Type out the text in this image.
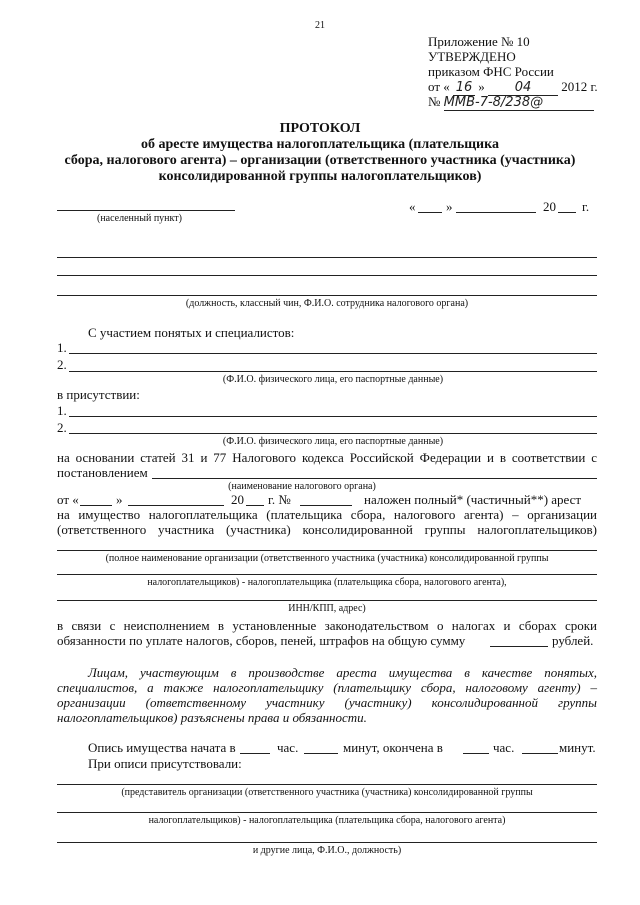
21
Приложение № 10
УТВЕРЖДЕНО
приказом ФНС России
от « 16 » 04 2012 г.
№ ММВ-7-8/238@
ПРОТОКОЛ
об аресте имущества налогоплательщика (плательщика
сбора, налогового агента) – организации (ответственного участника (участника)
консолидированной группы налогоплательщиков)
(населенный пункт)
« »	20 г.
(должность, классный чин, Ф.И.О. сотрудника налогового органа)
С участием понятых и специалистов:
1.
2.
(Ф.И.О. физического лица, его паспортные данные)
в присутствии:
1.
2.
(Ф.И.О. физического лица, его паспортные данные)
на основании статей 31 и 77 Налогового кодекса Российской Федерации и в соответствии с
постановлением
(наименование налогового органа)
от «	»	20 г. №	наложен полный* (частичный**) арест
на имущество налогоплательщика (плательщика сбора, налогового агента) – организации
(ответственного участника (участника) консолидированной группы налогоплательщиков)
(полное наименование организации (ответственного участника (участника) консолидированной группы
налогоплательщиков) - налогоплательщика (плательщика сбора, налогового агента),
ИНН/КПП, адрес)
в связи с неисполнением в установленные законодательством о налогах и сборах сроки
обязанности по уплате налогов, сборов, пеней, штрафов на общую сумму	рублей.
Лицам, участвующим в производстве ареста имущества в качестве понятых,
специалистов, а также налогоплательщику (плательщику сбора, налоговому агенту) –
организации (ответственному участнику (участнику) консолидированной группы
налогоплательщиков) разъяснены права и обязанности.
Опись имущества начата в	час.	минут, окончена в	час.	минут.
При описи присутствовали:
(представитель организации (ответственного участника (участника) консолидированной группы
налогоплательщиков) - налогоплательщика (плательщика сбора, налогового агента)
и другие лица, Ф.И.О., должность)
